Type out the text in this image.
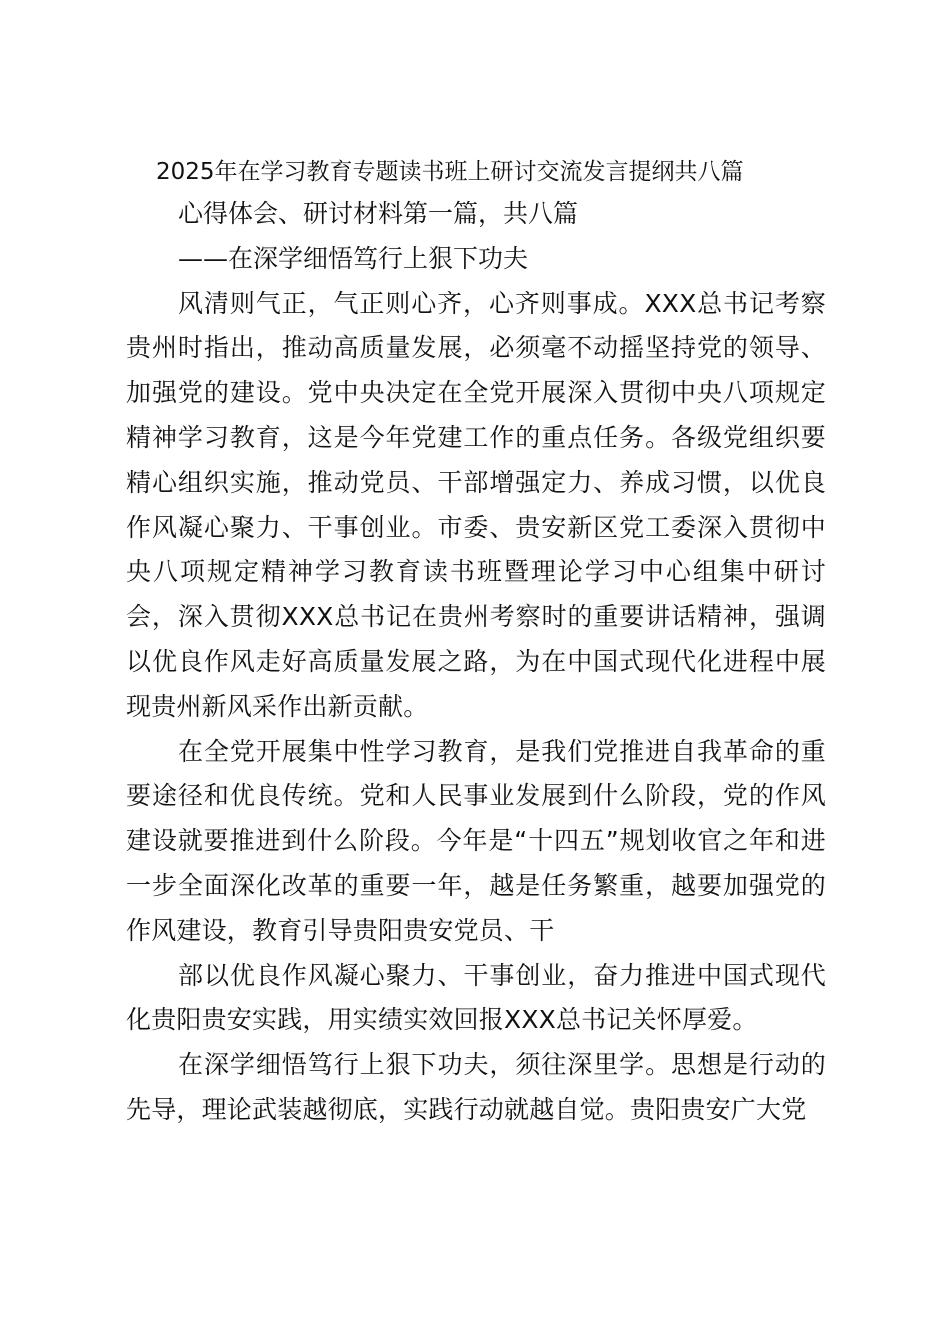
2025年在学习教育专题读书班上研讨交流发言提纲共八篇
心得体会、研讨材料第一篇，共八篇
——在深学细悟笃行上狠下功夫

风清则气正，气正则心齐，心齐则事成。XXX总书记考察贵州时指出，推动高质量发展，必须毫不动摇坚持党的领导、加强党的建设。党中央决定在全党开展深入贯彻中央八项规定精神学习教育，这是今年党建工作的重点任务。各级党组织要精心组织实施，推动党员、干部增强定力、养成习惯，以优良作风凝心聚力、干事创业。市委、贵安新区党工委深入贯彻中央八项规定精神学习教育读书班暨理论学习中心组集中研讨会，深入贯彻XXX总书记在贵州考察时的重要讲话精神，强调以优良作风走好高质量发展之路，为在中国式现代化进程中展现贵州新风采作出新贡献。

在全党开展集中性学习教育，是我们党推进自我革命的重要途径和优良传统。党和人民事业发展到什么阶段，党的作风建设就要推进到什么阶段。今年是“十四五”规划收官之年和进一步全面深化改革的重要一年，越是任务繁重，越要加强党的作风建设，教育引导贵阳贵安党员、干

部以优良作风凝心聚力、干事创业，奋力推进中国式现代化贵阳贵安实践，用实绩实效回报XXX总书记关怀厚爱。

在深学细悟笃行上狠下功夫，须往深里学。思想是行动的先导，理论武装越彻底，实践行动就越自觉。贵阳贵安广大党
